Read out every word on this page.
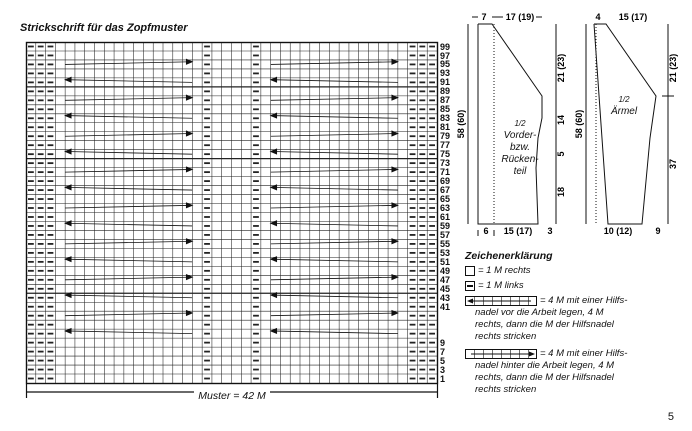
Strickschrift für das Zopfmuster
99
97
95
93
91
89
87
85
83
81
79
77
75
73
71
69
67
65
63
61
59
57
55
53
51
49
47
45
43
41
9
7
5
3
1
Muster = 42 M
7 17 (19)
58 (60)
21 (23)
14
5
18
6 15 (17) 3
1/2
Vorder-
bzw.
Rücken-
teil
4 15 (17)
58 (60)
21 (23)
37
10 (12)	9
1/2
Ärmel
Zeichenerklärung
= 1 M rechts
= 1 M links
= 4 M mit einer Hilfs-
nadel vor die Arbeit legen, 4 M
rechts, dann die M der Hilfsnadel
rechts stricken
= 4 M mit einer Hilfs-
nadel hinter die Arbeit legen, 4 M
rechts, dann die M der Hilfsnadel
rechts stricken
5
